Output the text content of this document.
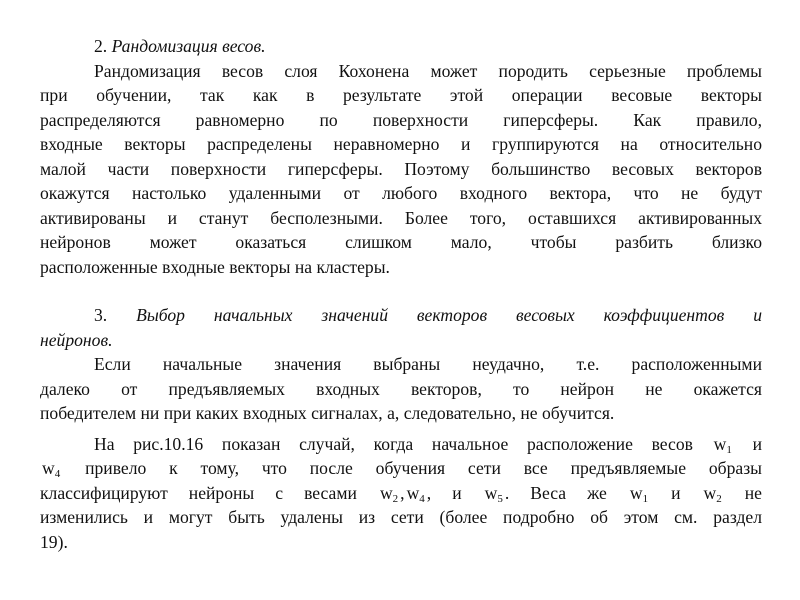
2. Рандомизация весов.
Рандомизация весов слоя Кохонена может породить серьезные проблемы
при обучении, так как в результате этой операции весовые векторы
распределяются равномерно по поверхности гиперсферы. Как правило,
входные векторы распределены неравномерно и группируются на относительно
малой части поверхности гиперсферы. Поэтому большинство весовых векторов
окажутся настолько удаленными от любого входного вектора, что не будут
активированы и станут бесполезными. Более того, оставшихся активированных
нейронов может оказаться слишком мало, чтобы разбить близко
расположенные входные векторы на кластеры.
3. Выбор начальных значений векторов весовых коэффициентов и
нейронов.
Если начальные значения выбраны неудачно, т.е. расположенными
далеко от предъявляемых входных векторов, то нейрон не окажется
победителем ни при каких входных сигналах, а, следовательно, не обучится.
На рис.10.16 показан случай, когда начальное расположение весов $w_1$ и
$w_4$ привело к тому, что после обучения сети все предъявляемые образы
классифицируют нейроны с весами $w_2$ , $w_4$ , и $w_5$ . Веса же $w_1$ и $w_2$ не
изменились и могут быть удалены из сети (более подробно об этом см. раздел
19).
